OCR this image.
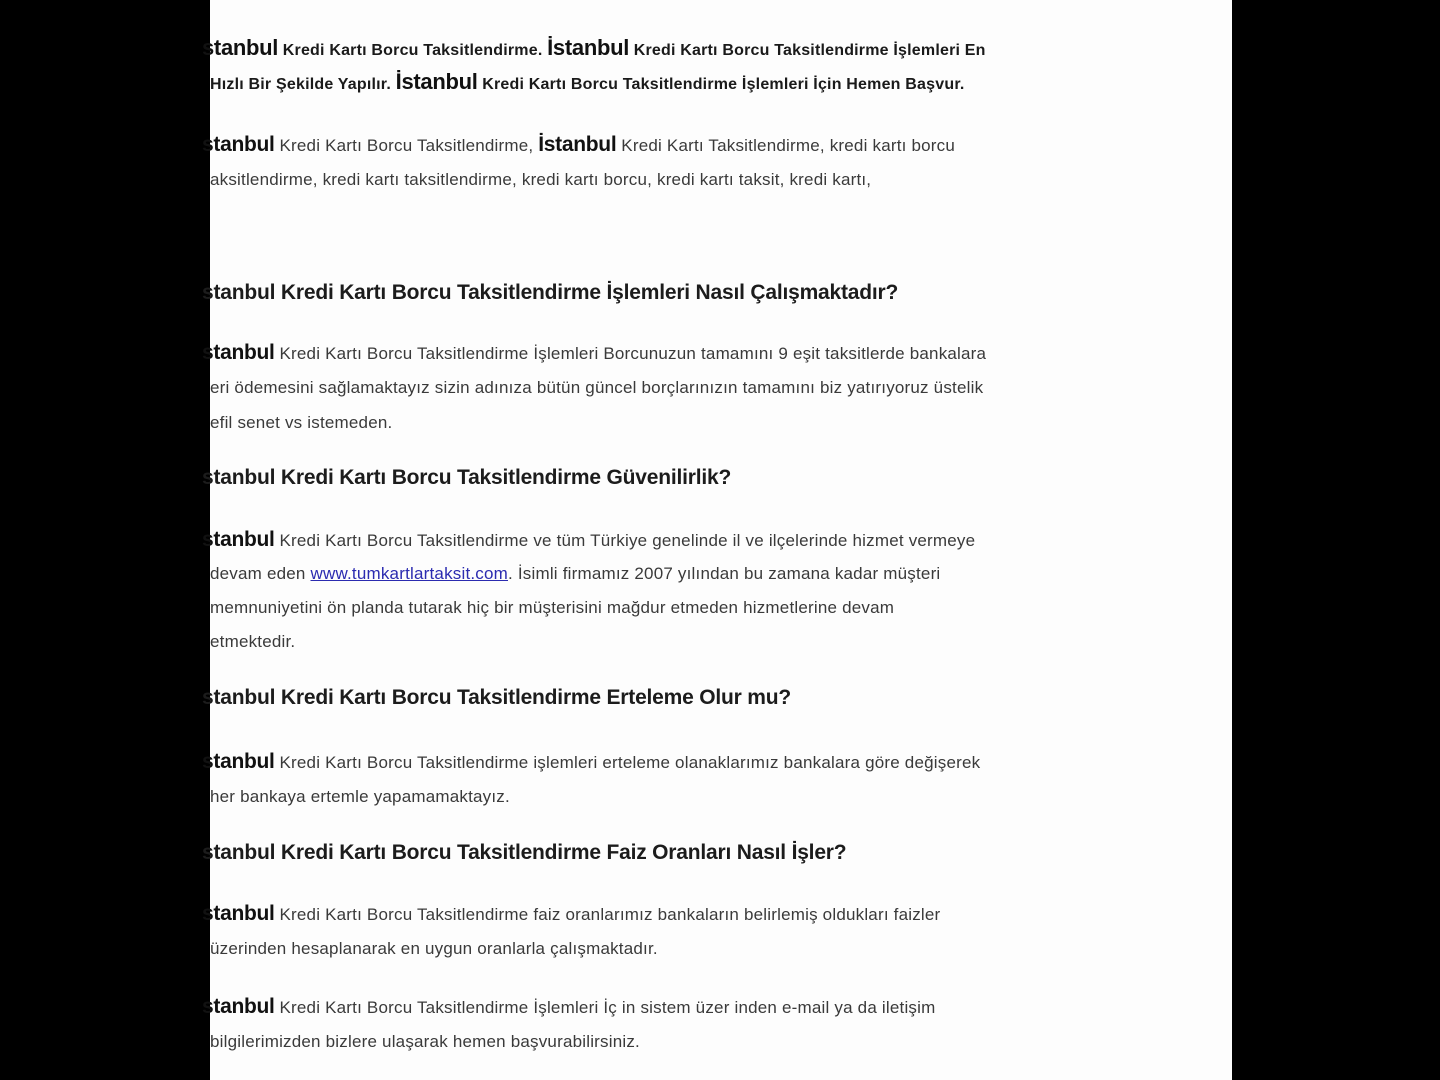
stanbul Kredi Kartı Borcu Taksitlendirme. İstanbul Kredi Kartı Borcu Taksitlendirme İşlemleri En
Hızlı Bir Şekilde Yapılır. İstanbul Kredi Kartı Borcu Taksitlendirme İşlemleri İçin Hemen Başvur.
stanbul Kredi Kartı Borcu Taksitlendirme, İstanbul Kredi Kartı Taksitlendirme, kredi kartı borcu
aksitlendirme, kredi kartı taksitlendirme, kredi kartı borcu, kredi kartı taksit, kredi kartı,
stanbul Kredi Kartı Borcu Taksitlendirme İşlemleri Nasıl Çalışmaktadır?
stanbul Kredi Kartı Borcu Taksitlendirme İşlemleri Borcunuzun tamamını 9 eşit taksitlerde bankalara
eri ödemesini sağlamaktayız sizin adınıza bütün güncel borçlarınızın tamamını biz yatırıyoruz üstelik
efil senet vs istemeden.
stanbul Kredi Kartı Borcu Taksitlendirme Güvenilirlik?
stanbul Kredi Kartı Borcu Taksitlendirme ve tüm Türkiye genelinde il ve ilçelerinde hizmet vermeye
devam eden www.tumkartlartaksit.com. İsimli firmamız 2007 yılından bu zamana kadar müşteri
memnuniyetini ön planda tutarak hiç bir müşterisini mağdur etmeden hizmetlerine devam
etmektedir.
stanbul Kredi Kartı Borcu Taksitlendirme Erteleme Olur mu?
stanbul Kredi Kartı Borcu Taksitlendirme işlemleri erteleme olanaklarımız bankalara göre değişerek
her bankaya ertemle yapamamaktayız.
stanbul Kredi Kartı Borcu Taksitlendirme Faiz Oranları Nasıl İşler?
stanbul Kredi Kartı Borcu Taksitlendirme faiz oranlarımız bankaların belirlemiş oldukları faizler
üzerinden hesaplanarak en uygun oranlarla çalışmaktadır.
stanbul Kredi Kartı Borcu Taksitlendirme İşlemleri İç in sistem üzer inden e-mail ya da iletişim
bilgilerimizden bizlere ulaşarak hemen başvurabilirsiniz.
